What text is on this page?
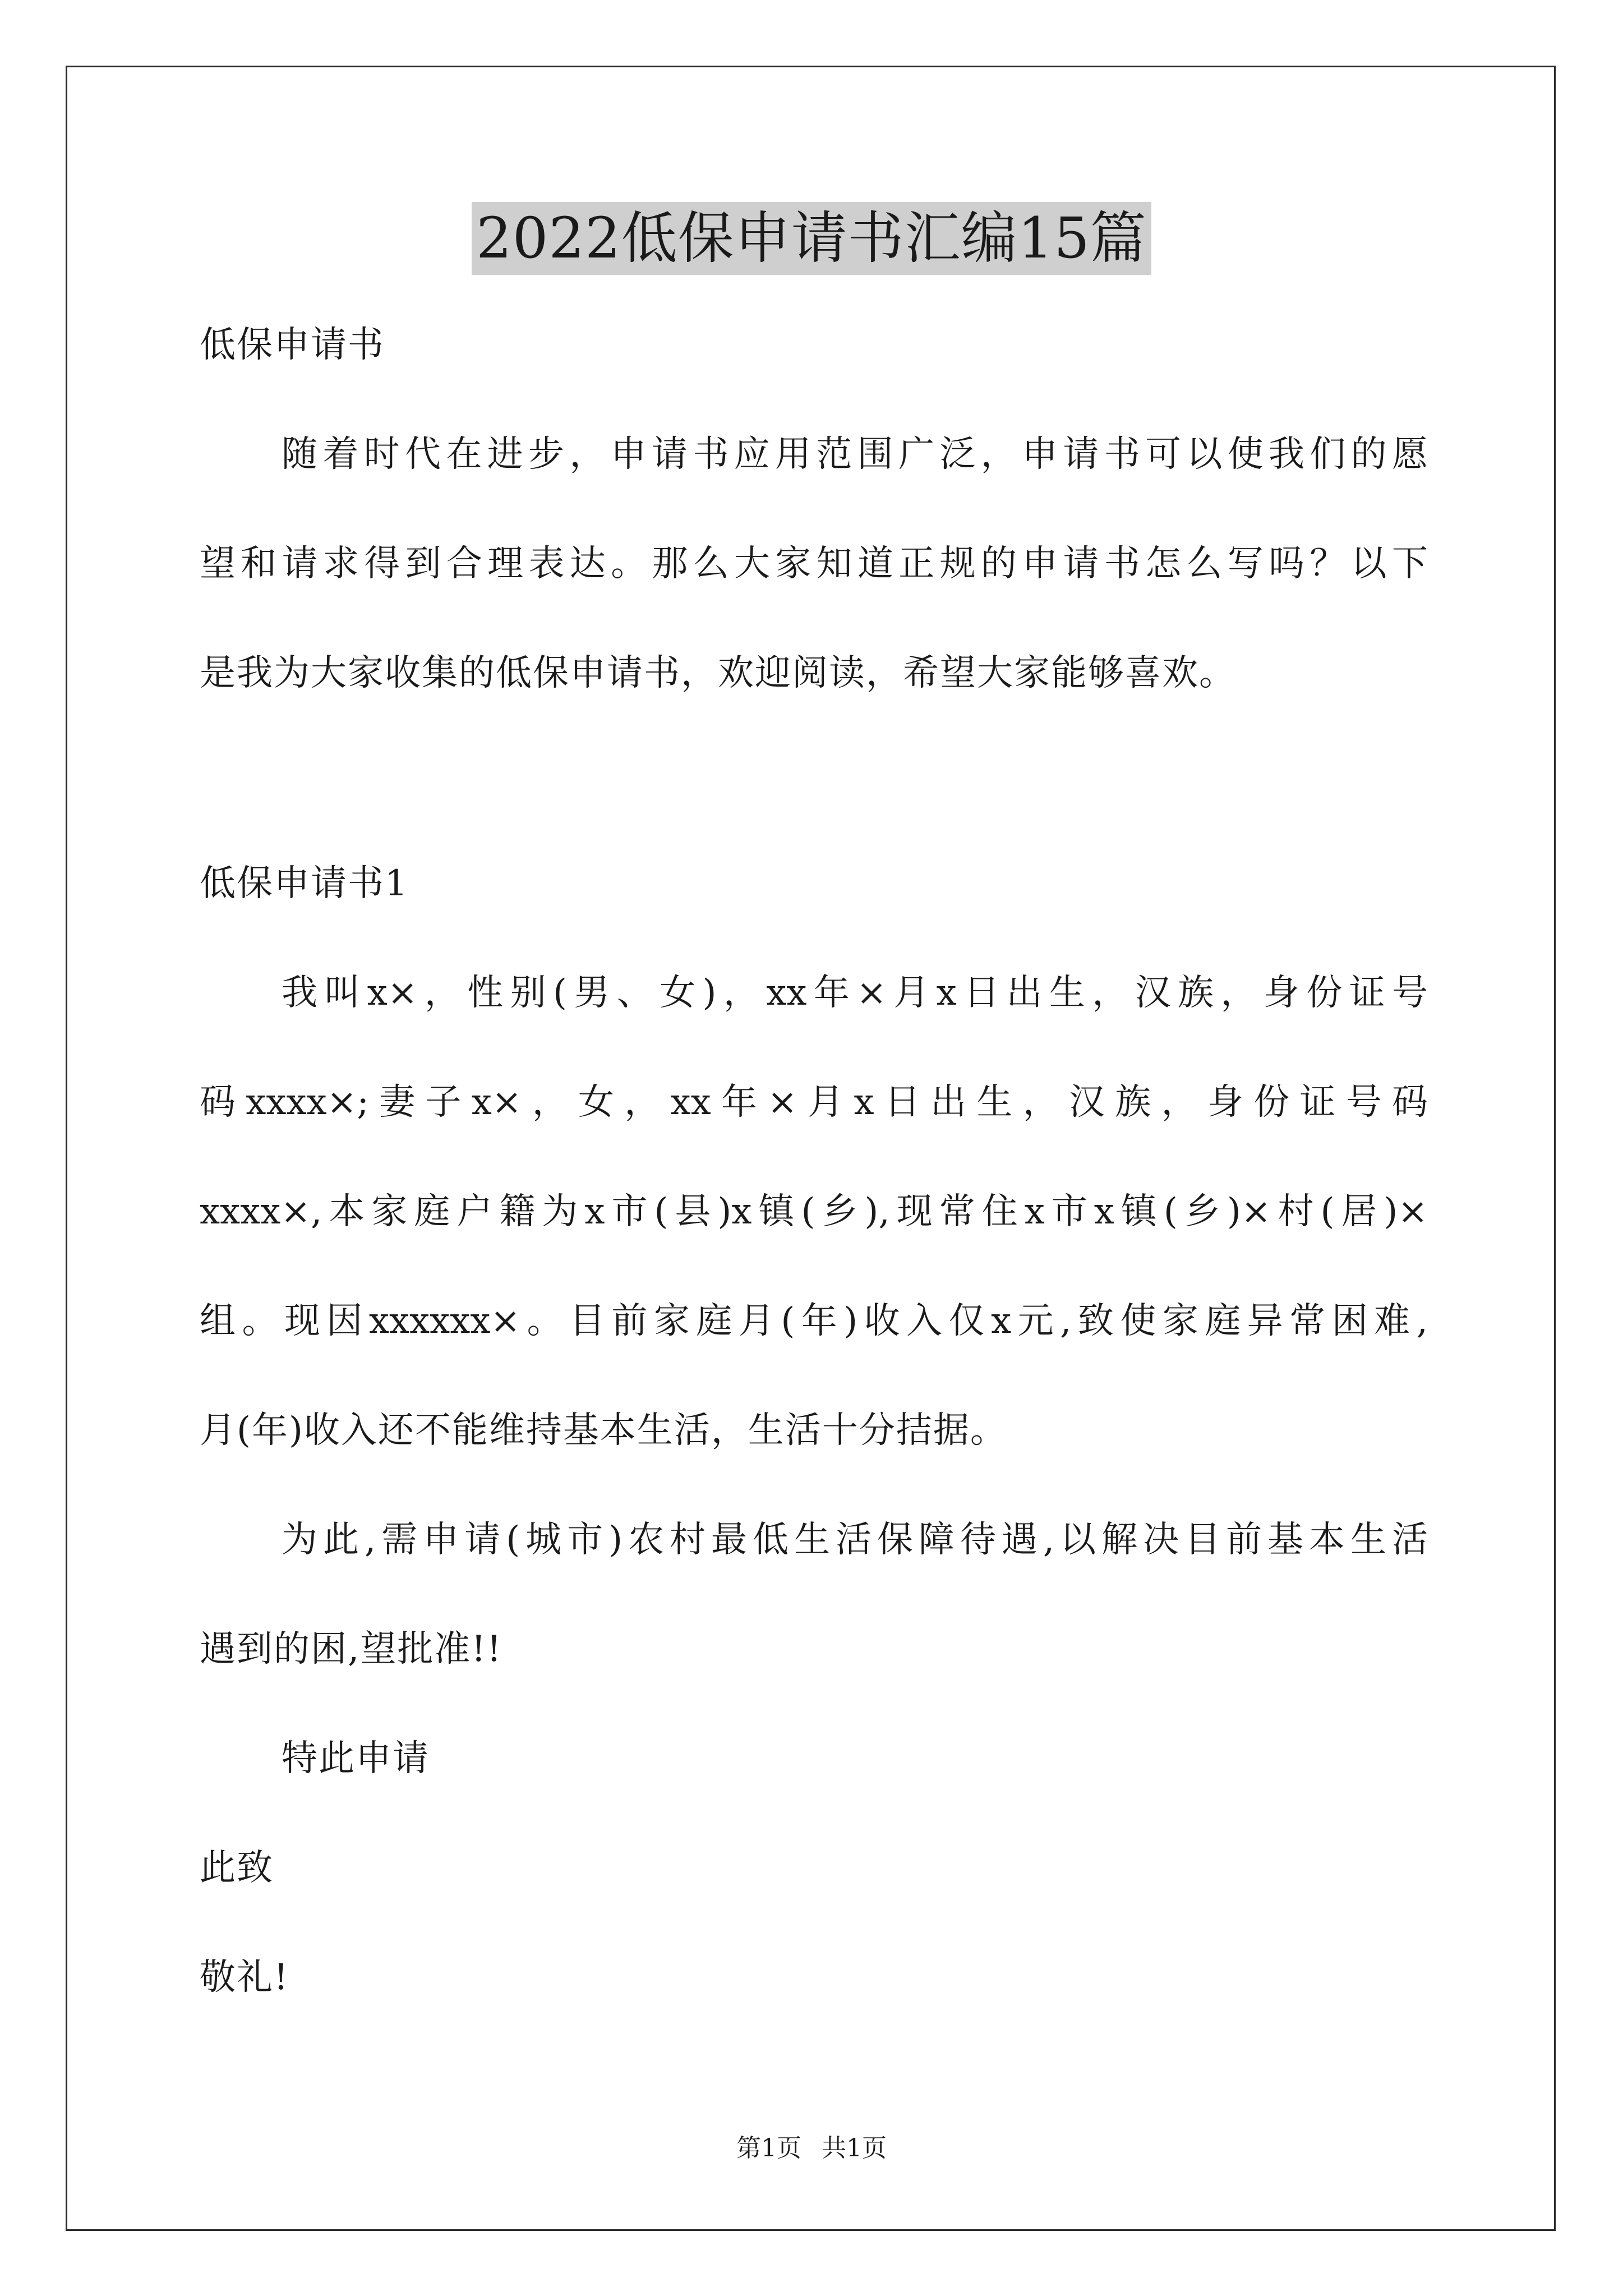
2022低保申请书汇编15篇
低保申请书
随着时代在进步，申请书应用范围广泛，申请书可以使我们的愿
望和请求得到合理表达。那么大家知道正规的申请书怎么写吗？以下
是我为大家收集的低保申请书，欢迎阅读，希望大家能够喜欢。
低保申请书1
我叫x×，性别(男、女)，xx年×月x日出生，汉族，身份证号
码xxxx×;妻子x×，女，xx年×月x日出生，汉族，身份证号码
xxxx×,本家庭户籍为x市(县)x镇(乡),现常住x市x镇(乡)×村(居)×
组。现因xxxxxx×。目前家庭月(年)收入仅x元,致使家庭异常困难,
月(年)收入还不能维持基本生活，生活十分拮据。
为此,需申请(城市)农村最低生活保障待遇,以解决目前基本生活
遇到的困,望批准!!
特此申请
此致
敬礼!
第1页 共1页
